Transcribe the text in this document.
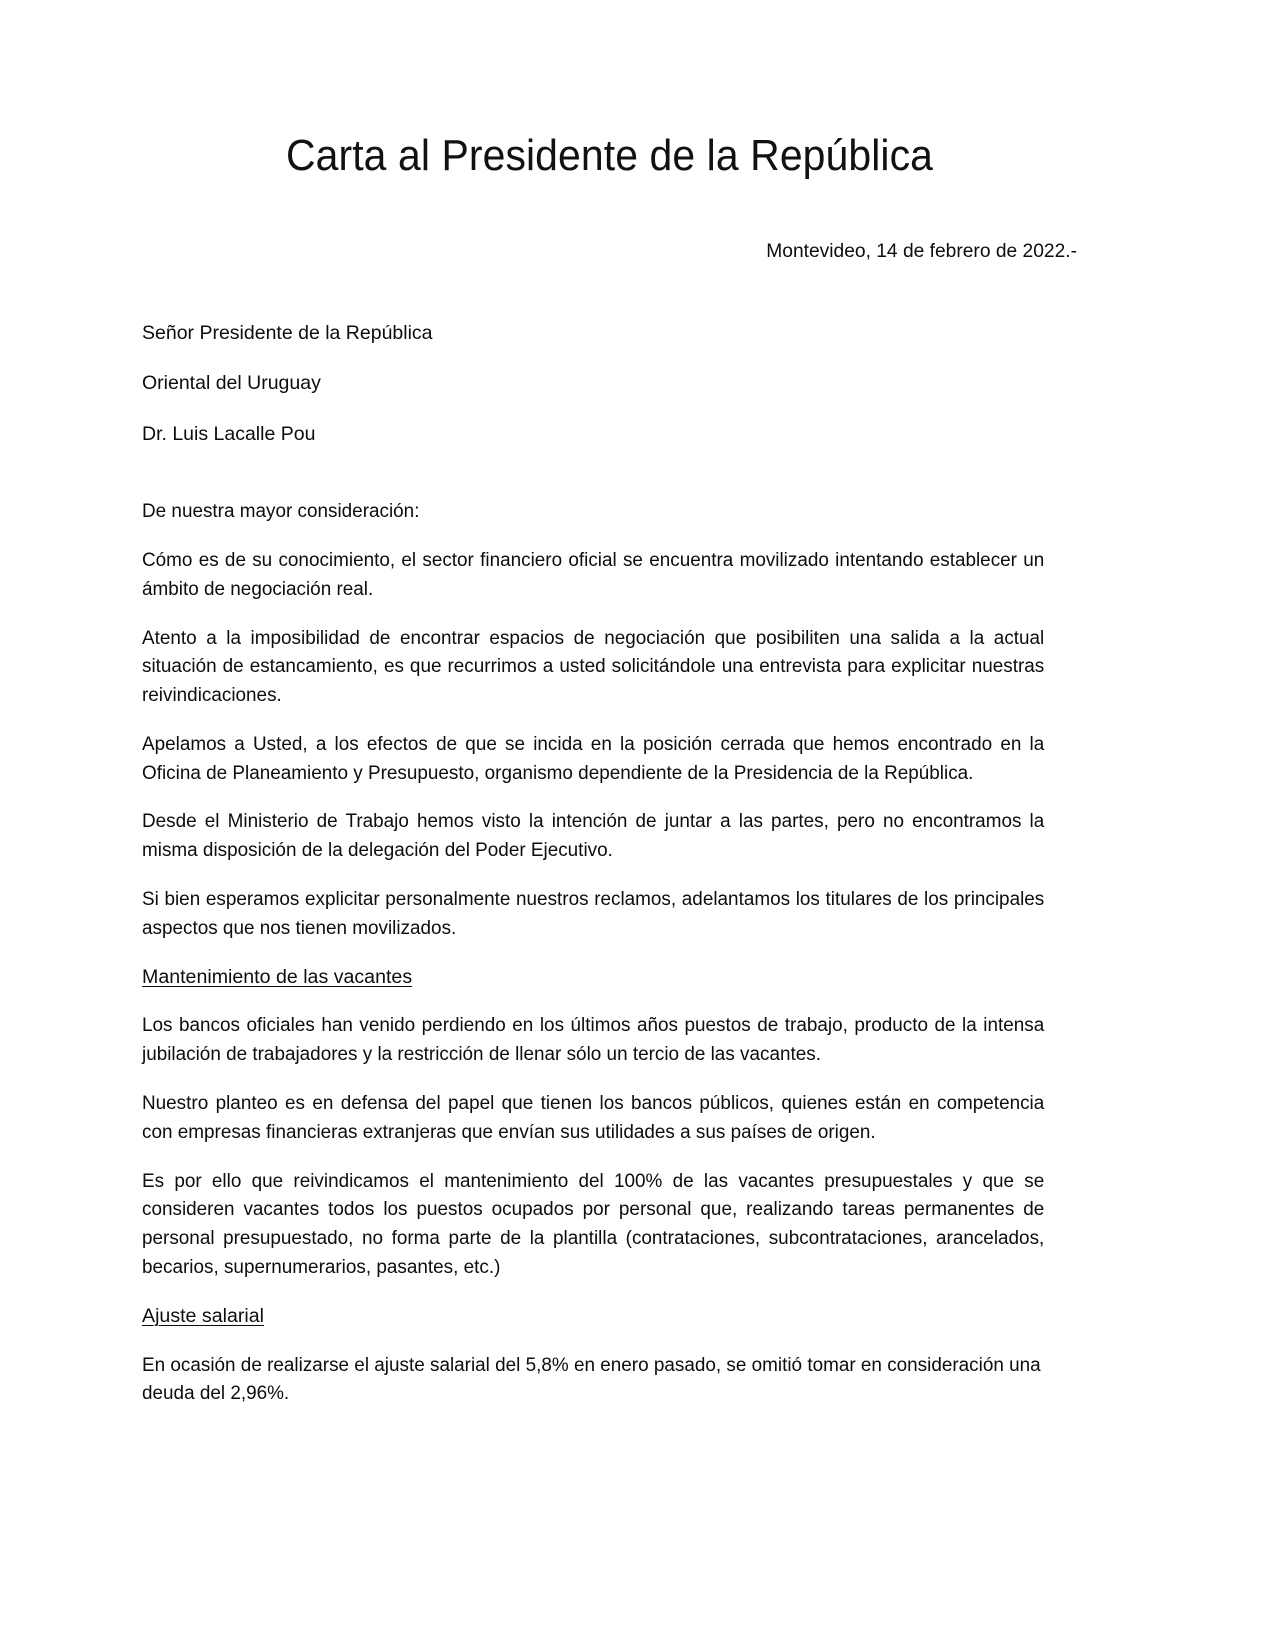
Carta al Presidente de la República

Montevideo, 14 de febrero de 2022.-

Señor Presidente de la República

Oriental del Uruguay

Dr. Luis Lacalle Pou

De nuestra mayor consideración:

Cómo es de su conocimiento, el sector financiero oficial se encuentra movilizado intentando establecer un ámbito de negociación real.

Atento a la imposibilidad de encontrar espacios de negociación que posibiliten una salida a la actual situación de estancamiento, es que recurrimos a usted solicitándole una entrevista para explicitar nuestras reivindicaciones.

Apelamos a Usted, a los efectos de que se incida en la posición cerrada que hemos encontrado en la Oficina de Planeamiento y Presupuesto, organismo dependiente de la Presidencia de la República.

Desde el Ministerio de Trabajo hemos visto la intención de juntar a las partes, pero no encontramos la misma disposición de la delegación del Poder Ejecutivo.

Si bien esperamos explicitar personalmente nuestros reclamos, adelantamos los titulares de los principales aspectos que nos tienen movilizados.

Mantenimiento de las vacantes

Los bancos oficiales han venido perdiendo en los últimos años puestos de trabajo, producto de la intensa jubilación de trabajadores y la restricción de llenar sólo un tercio de las vacantes.

Nuestro planteo es en defensa del papel que tienen los bancos públicos, quienes están en competencia con empresas financieras extranjeras que envían sus utilidades a sus países de origen.

Es por ello que reivindicamos el mantenimiento del 100% de las vacantes presupuestales y que se consideren vacantes todos los puestos ocupados por personal que, realizando tareas permanentes de personal presupuestado, no forma parte de la plantilla (contrataciones, subcontrataciones, arancelados, becarios, supernumerarios, pasantes, etc.)

Ajuste salarial

En ocasión de realizarse el ajuste salarial del 5,8% en enero pasado, se omitió tomar en consideración una deuda del 2,96%.
